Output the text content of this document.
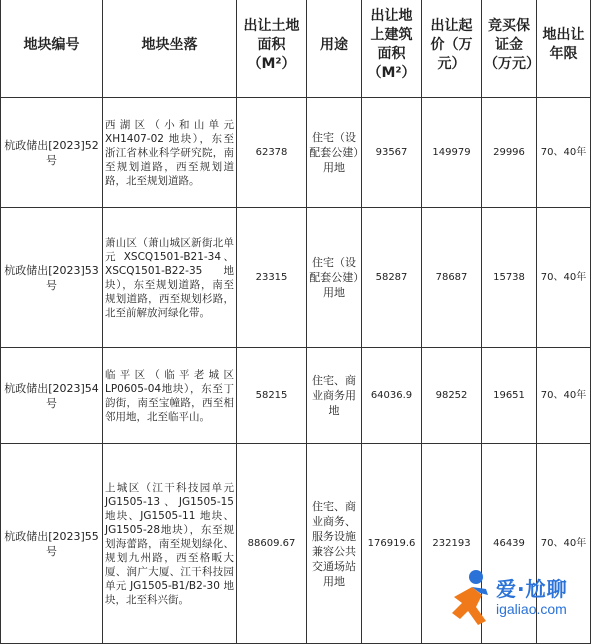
地块编号	地块坐落	出让土地面积（M²）	用途	出让地上建筑面积（M²）	出让起价（万元）	竞买保证金（万元）	地出让年限
杭政储出[2023]52号	西湖区（小和山单元 XH1407-02 地块），东至浙江省林业科学研究院，南至规划道路，西至规划道路，北至规划道路。	62378	住宅（设配套公建）用地	93567	149979	29996	70、40年
杭政储出[2023]53号	萧山区（萧山城区新街北单元 XSCQ1501-B21-34、XSCQ1501-B22-35地块），东至规划道路，南至规划道路，西至规划杉路，北至前解放河绿化带。	23315	住宅（设配套公建）用地	58287	78687	15738	70、40年
杭政储出[2023]54号	临平区（临平老城区 LP0605-04地块），东至丁韵街，南至宝幢路，西至相邻用地，北至临平山。	58215	住宅、商业商务用地	64036.9	98252	19651	70、40年
杭政储出[2023]55号	上城区（江干科技园单元 JG1505-13、JG1505-15 地块、JG1505-11 地块、JG1505-28地块），东至规划海蕾路，南至规划绿化、规划九州路，西至格畈大厦、润广大厦、江干科技园单元 JG1505-B1/B2-30 地块，北至科兴街。	88609.67	住宅、商业商务、服务设施兼容公共交通场站用地	176919.6	232193	46439	70、40年
爱·尬聊
igaliao.com
